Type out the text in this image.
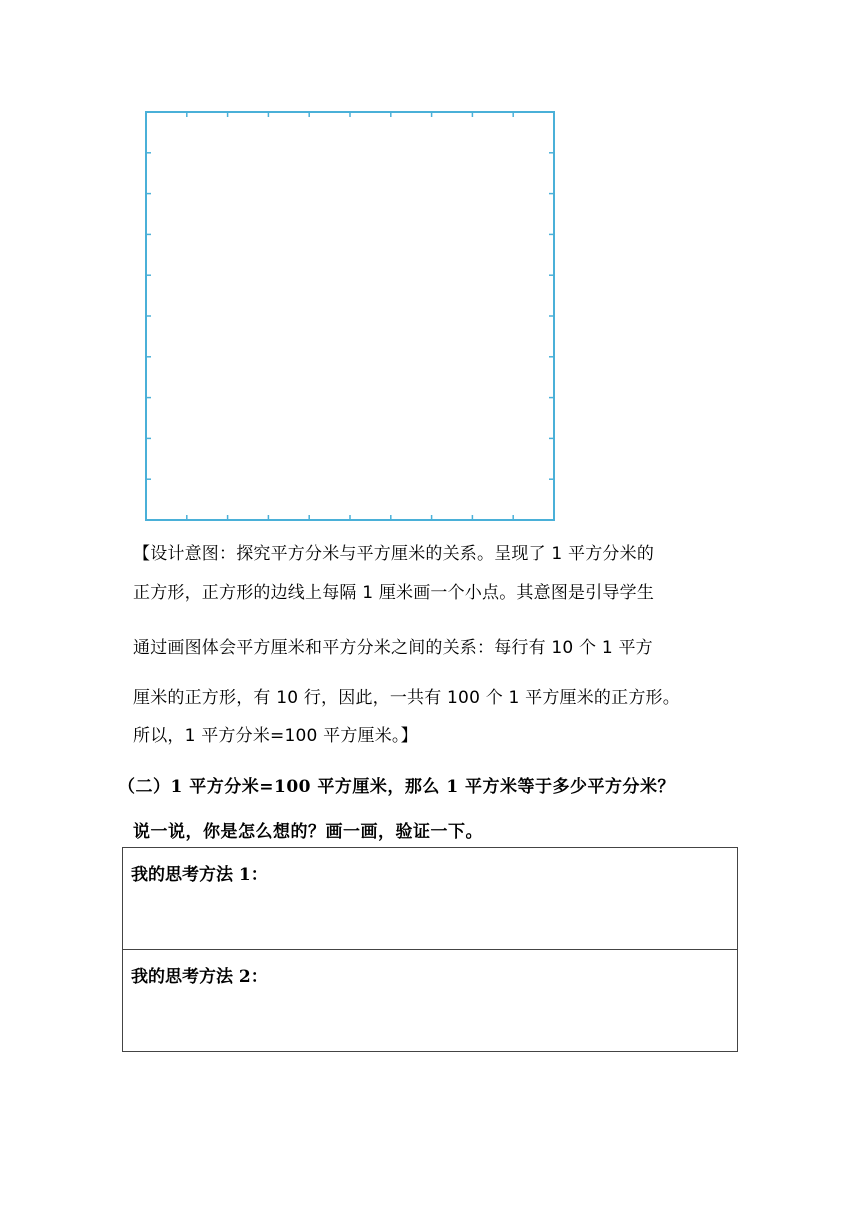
【设计意图：探究平方分米与平方厘米的关系。呈现了 1 平方分米的
正方形，正方形的边线上每隔 1 厘米画一个小点。其意图是引导学生
通过画图体会平方厘米和平方分米之间的关系：每行有 10 个 1 平方
厘米的正方形，有 10 行，因此，一共有 100 个 1 平方厘米的正方形。
所以，1 平方分米=100 平方厘米。】
（二）1 平方分米=100 平方厘米，那么 1 平方米等于多少平方分米？
说一说，你是怎么想的？画一画，验证一下。
我的思考方法 1：
我的思考方法 2：
